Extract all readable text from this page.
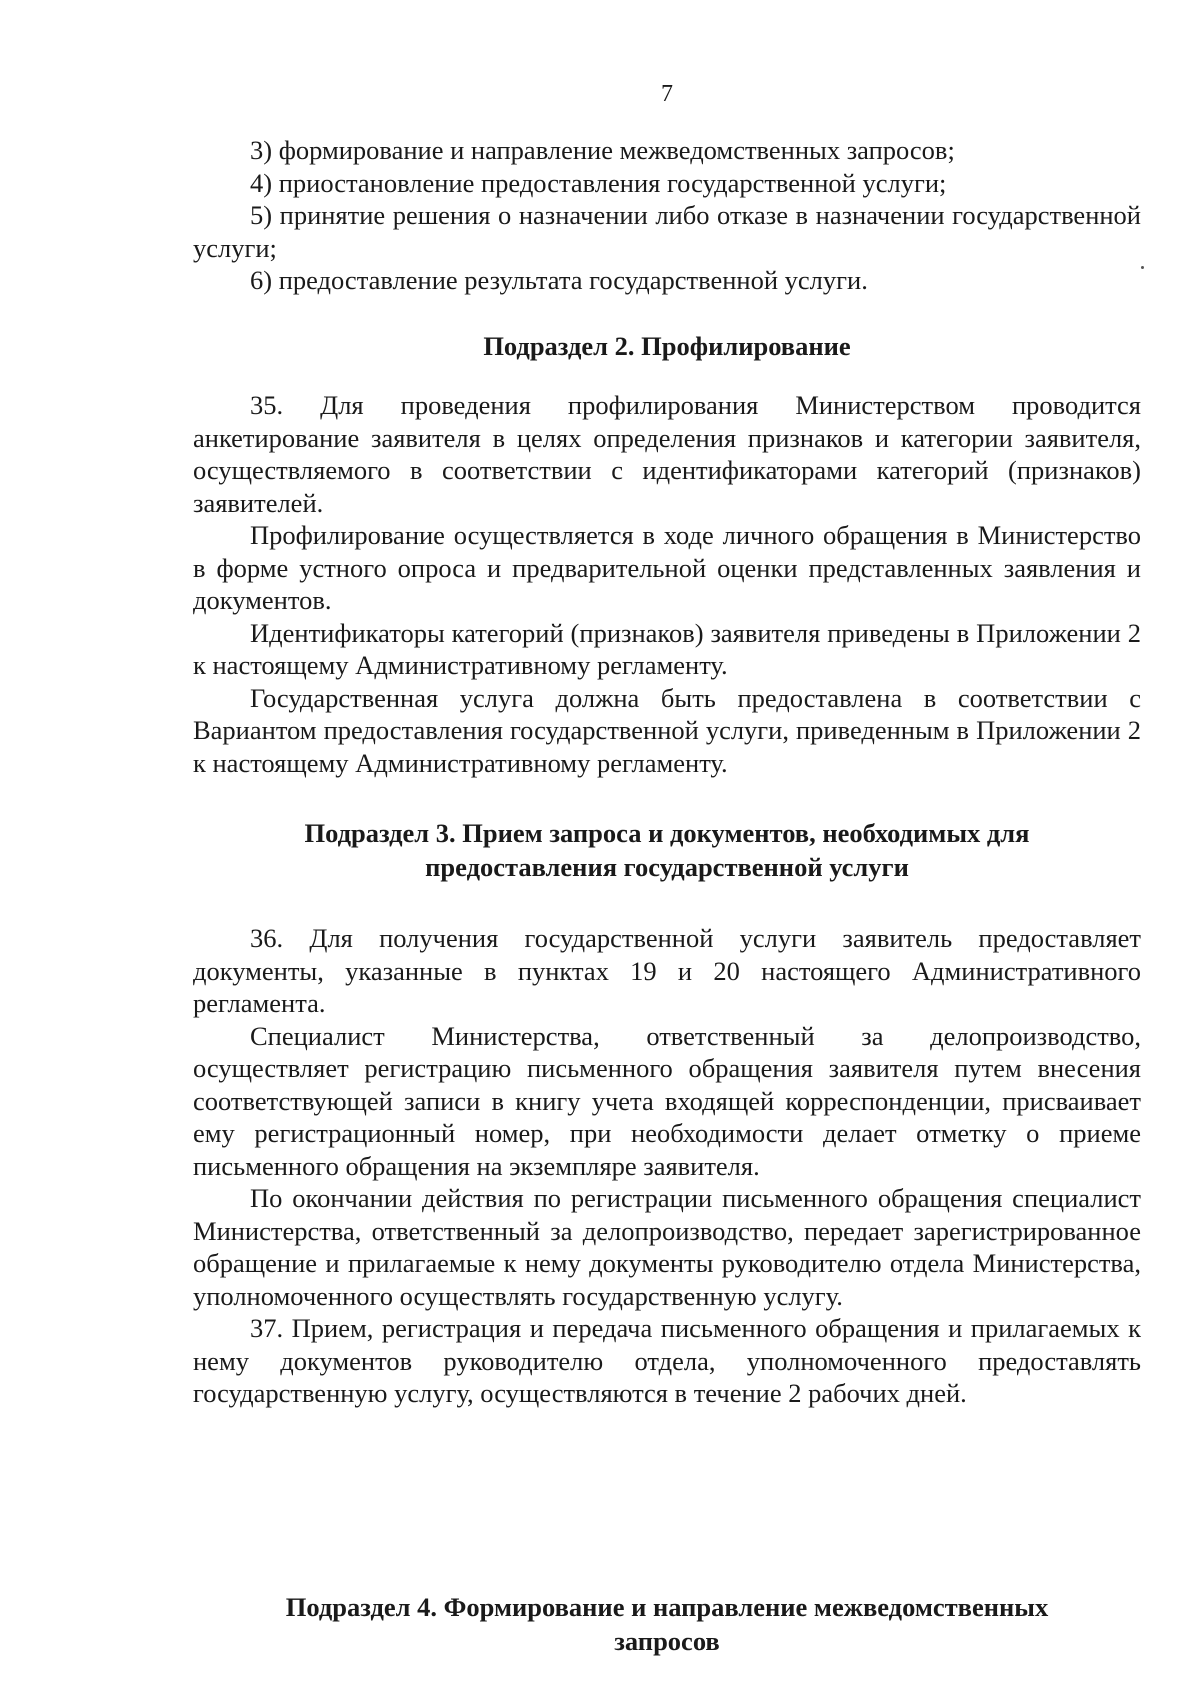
7

3) формирование и направление межведомственных запросов;

4) приостановление предоставления государственной услуги;

5) принятие решения о назначении либо отказе в назначении государственной услуги;

6) предоставление результата государственной услуги.

Подраздел 2. Профилирование

35. Для проведения профилирования Министерством проводится анкетирование заявителя в целях определения признаков и категории заявителя, осуществляемого в соответствии с идентификаторами категорий (признаков) заявителей.

Профилирование осуществляется в ходе личного обращения в Министерство в форме устного опроса и предварительной оценки представленных заявления и документов.

Идентификаторы категорий (признаков) заявителя приведены в Приложении 2 к настоящему Административному регламенту.

Государственная услуга должна быть предоставлена в соответствии с Вариантом предоставления государственной услуги, приведенным в Приложении 2 к настоящему Административному регламенту.

Подраздел 3. Прием запроса и документов, необходимых для
предоставления государственной услуги

36. Для получения государственной услуги заявитель предоставляет документы, указанные в пунктах 19 и 20 настоящего Административного регламента.

Специалист Министерства, ответственный за делопроизводство, осуществляет регистрацию письменного обращения заявителя путем внесения соответствующей записи в книгу учета входящей корреспонденции, присваивает ему регистрационный номер, при необходимости делает отметку о приеме письменного обращения на экземпляре заявителя.

По окончании действия по регистрации письменного обращения специалист Министерства, ответственный за делопроизводство, передает зарегистрированное обращение и прилагаемые к нему документы руководителю отдела Министерства, уполномоченного осуществлять государственную услугу.

37. Прием, регистрация и передача письменного обращения и прилагаемых к нему документов руководителю отдела, уполномоченного предоставлять государственную услугу, осуществляются в течение 2 рабочих дней.

Подраздел 4. Формирование и направление межведомственных
запросов
